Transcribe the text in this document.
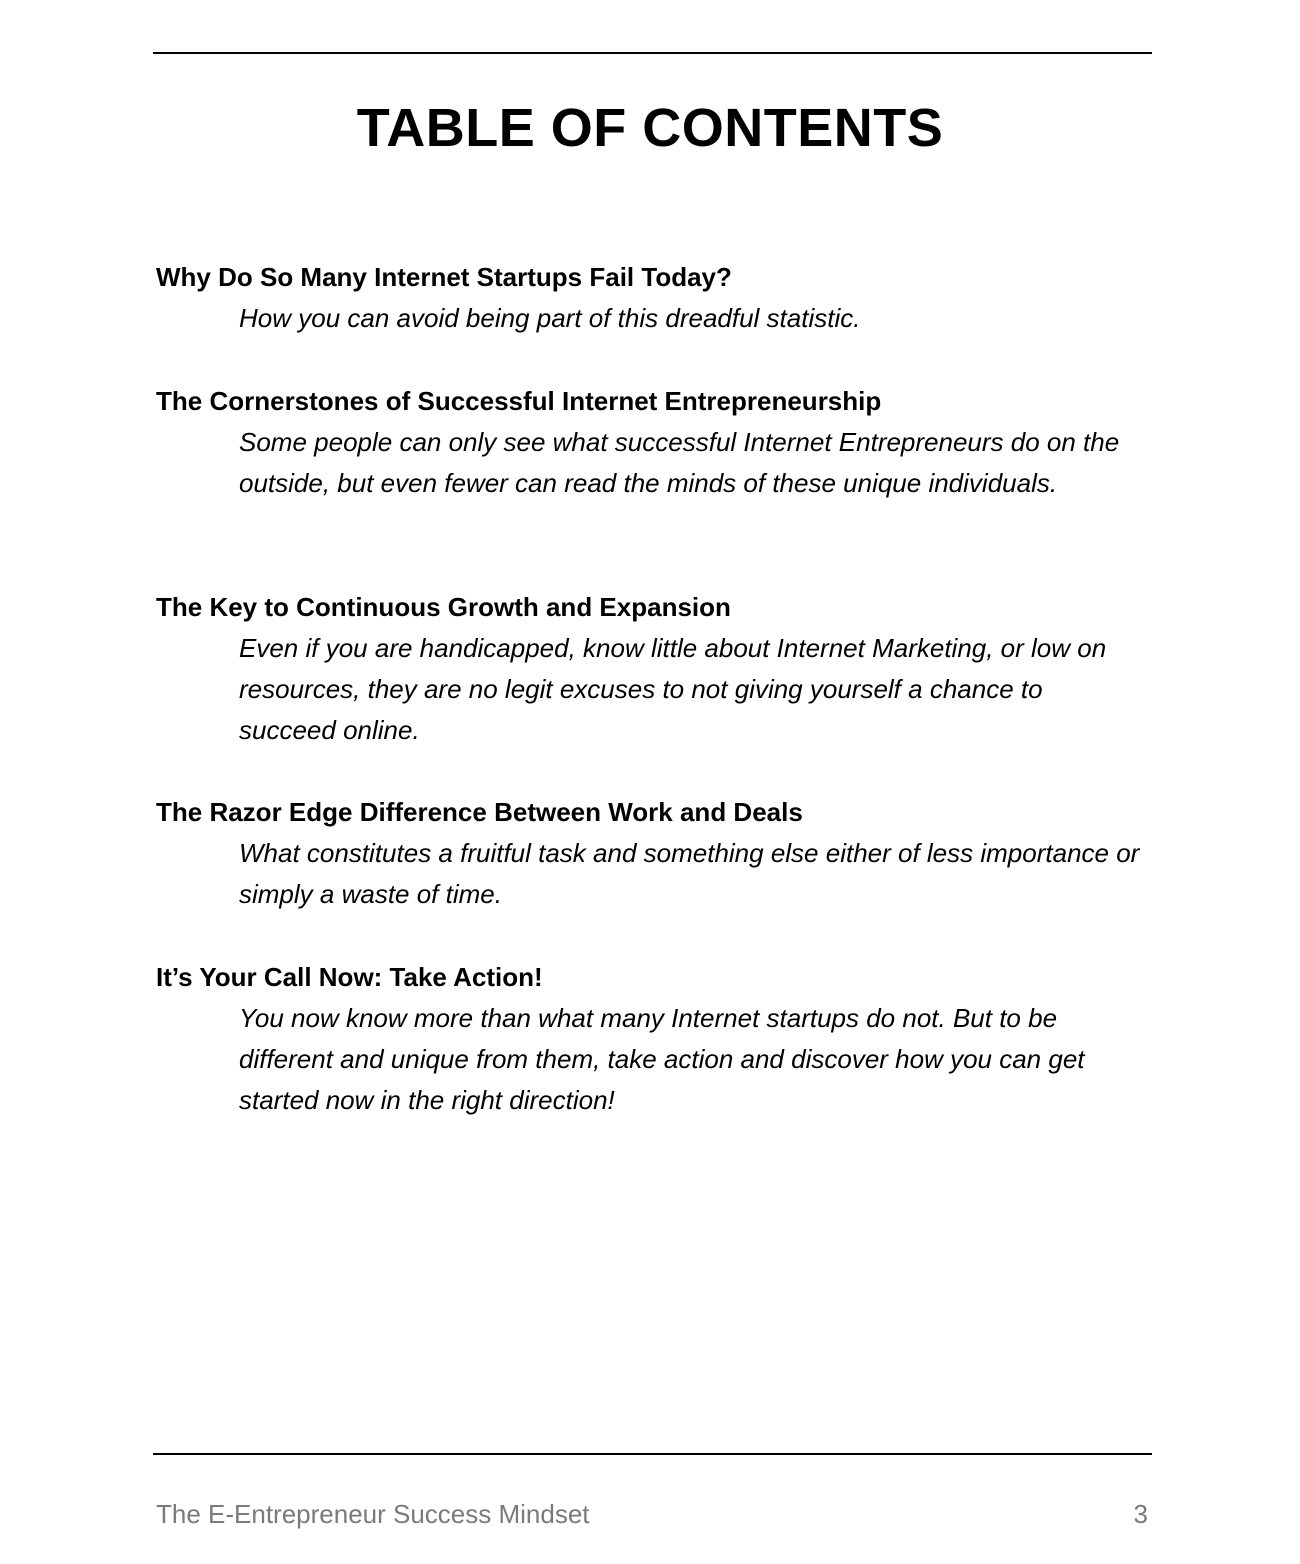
TABLE OF CONTENTS
Why Do So Many Internet Startups Fail Today?
How you can avoid being part of this dreadful statistic.
The Cornerstones of Successful Internet Entrepreneurship
Some people can only see what successful Internet Entrepreneurs do on the outside, but even fewer can read the minds of these unique individuals.
The Key to Continuous Growth and Expansion
Even if you are handicapped, know little about Internet Marketing, or low on resources, they are no legit excuses to not giving yourself a chance to succeed online.
The Razor Edge Difference Between Work and Deals
What constitutes a fruitful task and something else either of less importance or simply a waste of time.
It’s Your Call Now: Take Action!
You now know more than what many Internet startups do not. But to be different and unique from them, take action and discover how you can get started now in the right direction!
The E-Entrepreneur Success Mindset	3
